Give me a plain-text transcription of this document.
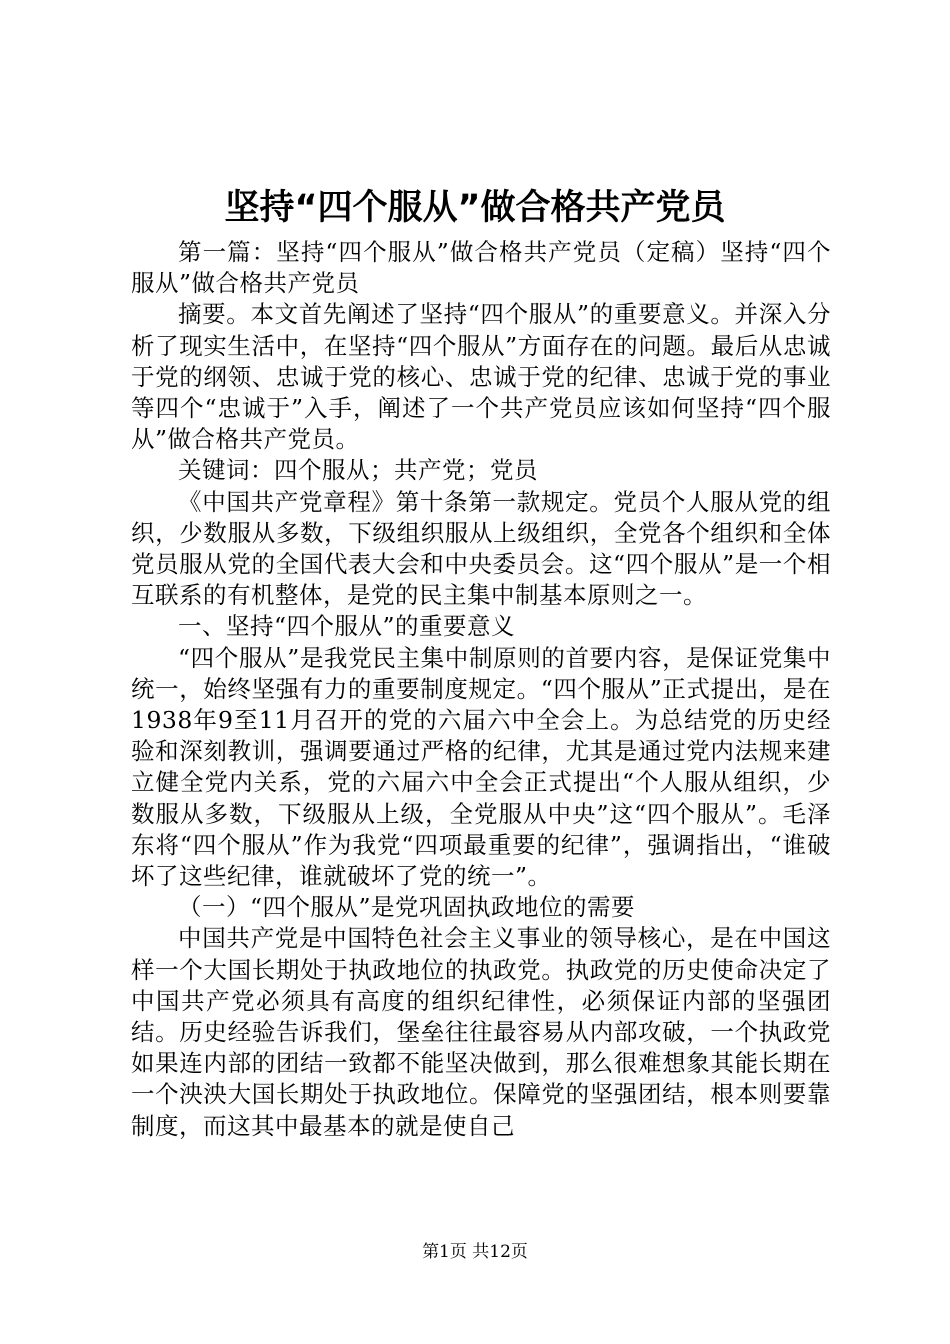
坚持“四个服从”做合格共产党员

第一篇：坚持“四个服从”做合格共产党员（定稿）坚持“四个服从”做合格共产党员

摘要。本文首先阐述了坚持“四个服从”的重要意义。并深入分析了现实生活中，在坚持“四个服从”方面存在的问题。最后从忠诚于党的纲领、忠诚于党的核心、忠诚于党的纪律、忠诚于党的事业等四个“忠诚于”入手，阐述了一个共产党员应该如何坚持“四个服从”做合格共产党员。

关键词：四个服从；共产党；党员

《中国共产党章程》第十条第一款规定。党员个人服从党的组织，少数服从多数，下级组织服从上级组织，全党各个组织和全体党员服从党的全国代表大会和中央委员会。这“四个服从”是一个相互联系的有机整体，是党的民主集中制基本原则之一。

一、坚持“四个服从”的重要意义

“四个服从”是我党民主集中制原则的首要内容，是保证党集中统一，始终坚强有力的重要制度规定。“四个服从”正式提出，是在1938年9至11月召开的党的六届六中全会上。为总结党的历史经验和深刻教训，强调要通过严格的纪律，尤其是通过党内法规来建立健全党内关系，党的六届六中全会正式提出“个人服从组织，少数服从多数，下级服从上级，全党服从中央”这“四个服从”。毛泽东将“四个服从”作为我党“四项最重要的纪律”，强调指出，“谁破坏了这些纪律，谁就破坏了党的统一”。

（一）“四个服从”是党巩固执政地位的需要

中国共产党是中国特色社会主义事业的领导核心，是在中国这样一个大国长期处于执政地位的执政党。执政党的历史使命决定了中国共产党必须具有高度的组织纪律性，必须保证内部的坚强团结。历史经验告诉我们，堡垒往往最容易从内部攻破，一个执政党如果连内部的团结一致都不能坚决做到，那么很难想象其能长期在一个泱泱大国长期处于执政地位。保障党的坚强团结，根本则要靠制度，而这其中最基本的就是使自己

第1页 共12页
